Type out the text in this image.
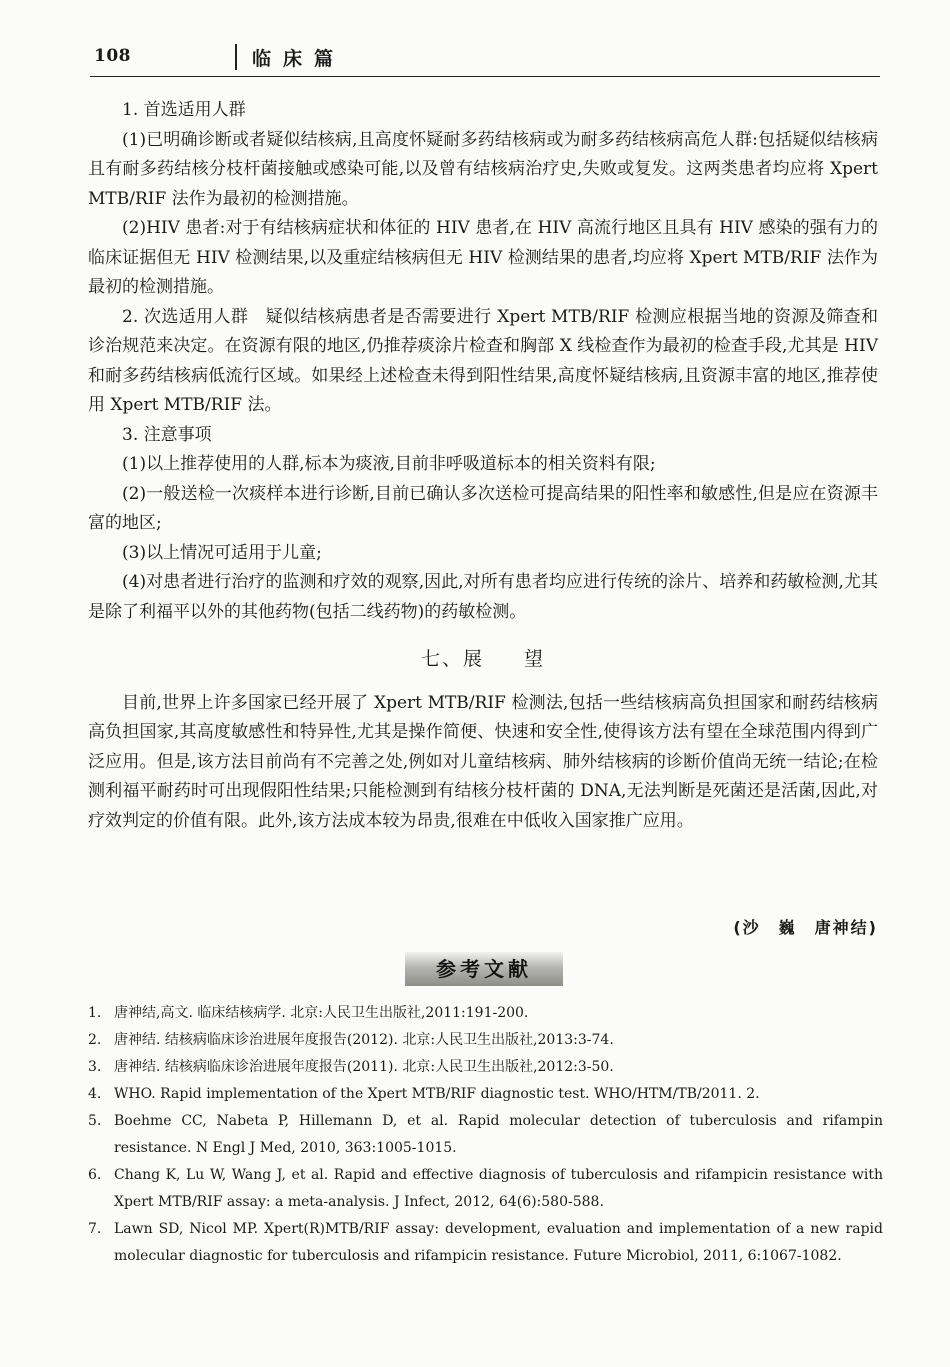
108	临床篇

1. 首选适用人群

(1)已明确诊断或者疑似结核病,且高度怀疑耐多药结核病或为耐多药结核病高危人群:包括疑似结核病且有耐多药结核分枝杆菌接触或感染可能,以及曾有结核病治疗史,失败或复发。这两类患者均应将 Xpert MTB/RIF 法作为最初的检测措施。

(2)HIV 患者:对于有结核病症状和体征的 HIV 患者,在 HIV 高流行地区且具有 HIV 感染的强有力的临床证据但无 HIV 检测结果,以及重症结核病但无 HIV 检测结果的患者,均应将 Xpert MTB/RIF 法作为最初的检测措施。

2. 次选适用人群　疑似结核病患者是否需要进行 Xpert MTB/RIF 检测应根据当地的资源及筛查和诊治规范来决定。在资源有限的地区,仍推荐痰涂片检查和胸部 X 线检查作为最初的检查手段,尤其是 HIV 和耐多药结核病低流行区域。如果经上述检查未得到阳性结果,高度怀疑结核病,且资源丰富的地区,推荐使用 Xpert MTB/RIF 法。

3. 注意事项

(1)以上推荐使用的人群,标本为痰液,目前非呼吸道标本的相关资料有限;

(2)一般送检一次痰样本进行诊断,目前已确认多次送检可提高结果的阳性率和敏感性,但是应在资源丰富的地区;

(3)以上情况可适用于儿童;

(4)对患者进行治疗的监测和疗效的观察,因此,对所有患者均应进行传统的涂片、培养和药敏检测,尤其是除了利福平以外的其他药物(包括二线药物)的药敏检测。

七、展 望

目前,世界上许多国家已经开展了 Xpert MTB/RIF 检测法,包括一些结核病高负担国家和耐药结核病高负担国家,其高度敏感性和特异性,尤其是操作简便、快速和安全性,使得该方法有望在全球范围内得到广泛应用。但是,该方法目前尚有不完善之处,例如对儿童结核病、肺外结核病的诊断价值尚无统一结论;在检测利福平耐药时可出现假阳性结果;只能检测到有结核分枝杆菌的 DNA,无法判断是死菌还是活菌,因此,对疗效判定的价值有限。此外,该方法成本较为昂贵,很难在中低收入国家推广应用。

(沙　巍　唐神结)
参考文献
1. 唐神结,高文. 临床结核病学. 北京:人民卫生出版社,2011:191-200.
2. 唐神结. 结核病临床诊治进展年度报告(2012). 北京:人民卫生出版社,2013:3-74.
3. 唐神结. 结核病临床诊治进展年度报告(2011). 北京:人民卫生出版社,2012:3-50.
4. WHO. Rapid implementation of the Xpert MTB/RIF diagnostic test. WHO/HTM/TB/2011. 2.
5. Boehme CC, Nabeta P, Hillemann D, et al. Rapid molecular detection of tuberculosis and rifampin resistance. N Engl J Med, 2010, 363:1005-1015.
6. Chang K, Lu W, Wang J, et al. Rapid and effective diagnosis of tuberculosis and rifampicin resistance with Xpert MTB/RIF assay: a meta-analysis. J Infect, 2012, 64(6):580-588.
7. Lawn SD, Nicol MP. Xpert(R)MTB/RIF assay: development, evaluation and implementation of a new rapid molecular diagnostic for tuberculosis and rifampicin resistance. Future Microbiol, 2011, 6:1067-1082.
